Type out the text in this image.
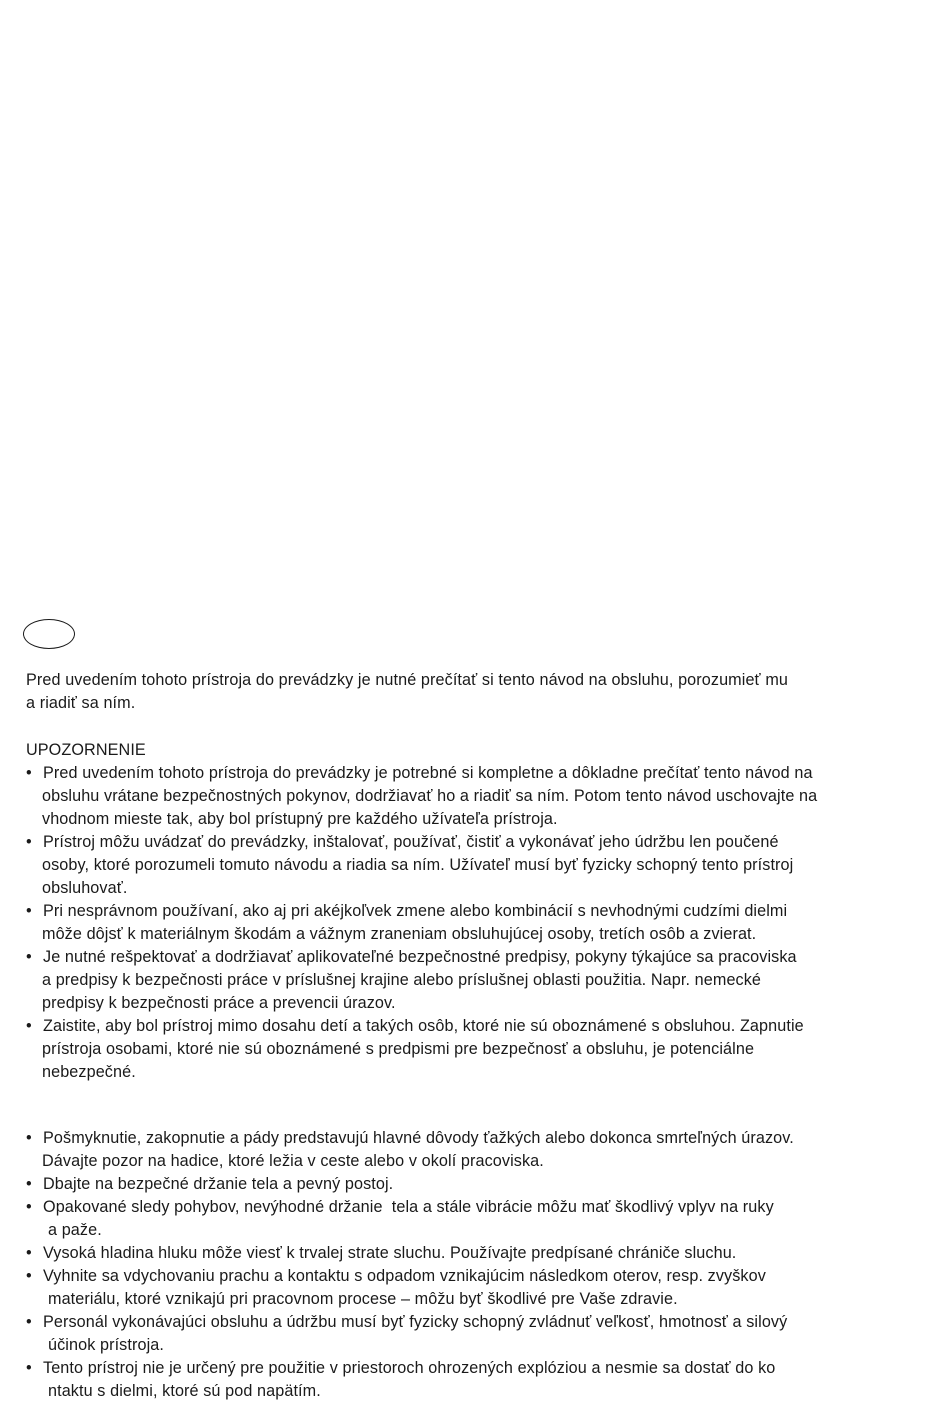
Pred uvedením tohoto prístroja do prevádzky je nutné prečítať si tento návod na obsluhu, porozumieť mu
a riadiť sa ním.
UPOZORNENIE
• Pred uvedením tohoto prístroja do prevádzky je potrebné si kompletne a dôkladne prečítať tento návod na
obsluhu vrátane bezpečnostných pokynov, dodržiavať ho a riadiť sa ním. Potom tento návod uschovajte na
vhodnom mieste tak, aby bol prístupný pre každého užívateľa prístroja.
• Prístroj môžu uvádzať do prevádzky, inštalovať, používať, čistiť a vykonávať jeho údržbu len poučené
osoby, ktoré porozumeli tomuto návodu a riadia sa ním. Užívateľ musí byť fyzicky schopný tento prístroj
obsluhovať.
• Pri nesprávnom používaní, ako aj pri akéjkoľvek zmene alebo kombinácií s nevhodnými cudzími dielmi
môže dôjsť k materiálnym škodám a vážnym zraneniam obsluhujúcej osoby, tretích osôb a zvierat.
• Je nutné rešpektovať a dodržiavať aplikovateľné bezpečnostné predpisy, pokyny týkajúce sa pracoviska
a predpisy k bezpečnosti práce v príslušnej krajine alebo príslušnej oblasti použitia. Napr. nemecké
predpisy k bezpečnosti práce a prevencii úrazov.
• Zaistite, aby bol prístroj mimo dosahu detí a takých osôb, ktoré nie sú oboznámené s obsluhou. Zapnutie
prístroja osobami, ktoré nie sú oboznámené s predpismi pre bezpečnosť a obsluhu, je potenciálne
nebezpečné.
• Pošmyknutie, zakopnutie a pády predstavujú hlavné dôvody ťažkých alebo dokonca smrteľných úrazov.
Dávajte pozor na hadice, ktoré ležia v ceste alebo v okolí pracoviska.
• Dbajte na bezpečné držanie tela a pevný postoj.
• Opakované sledy pohybov, nevýhodné držanie  tela a stále vibrácie môžu mať škodlivý vplyv na ruky
a paže.
• Vysoká hladina hluku môže viesť k trvalej strate sluchu. Používajte predpísané chrániče sluchu.
• Vyhnite sa vdychovaniu prachu a kontaktu s odpadom vznikajúcim následkom oterov, resp. zvyškov
materiálu, ktoré vznikajú pri pracovnom procese – môžu byť škodlivé pre Vaše zdravie.
• Personál vykonávajúci obsluhu a údržbu musí byť fyzicky schopný zvládnuť veľkosť, hmotnosť a silový
účinok prístroja.
• Tento prístroj nie je určený pre použitie v priestoroch ohrozených explóziou a nesmie sa dostať do ko
ntaktu s dielmi, ktoré sú pod napätím.
